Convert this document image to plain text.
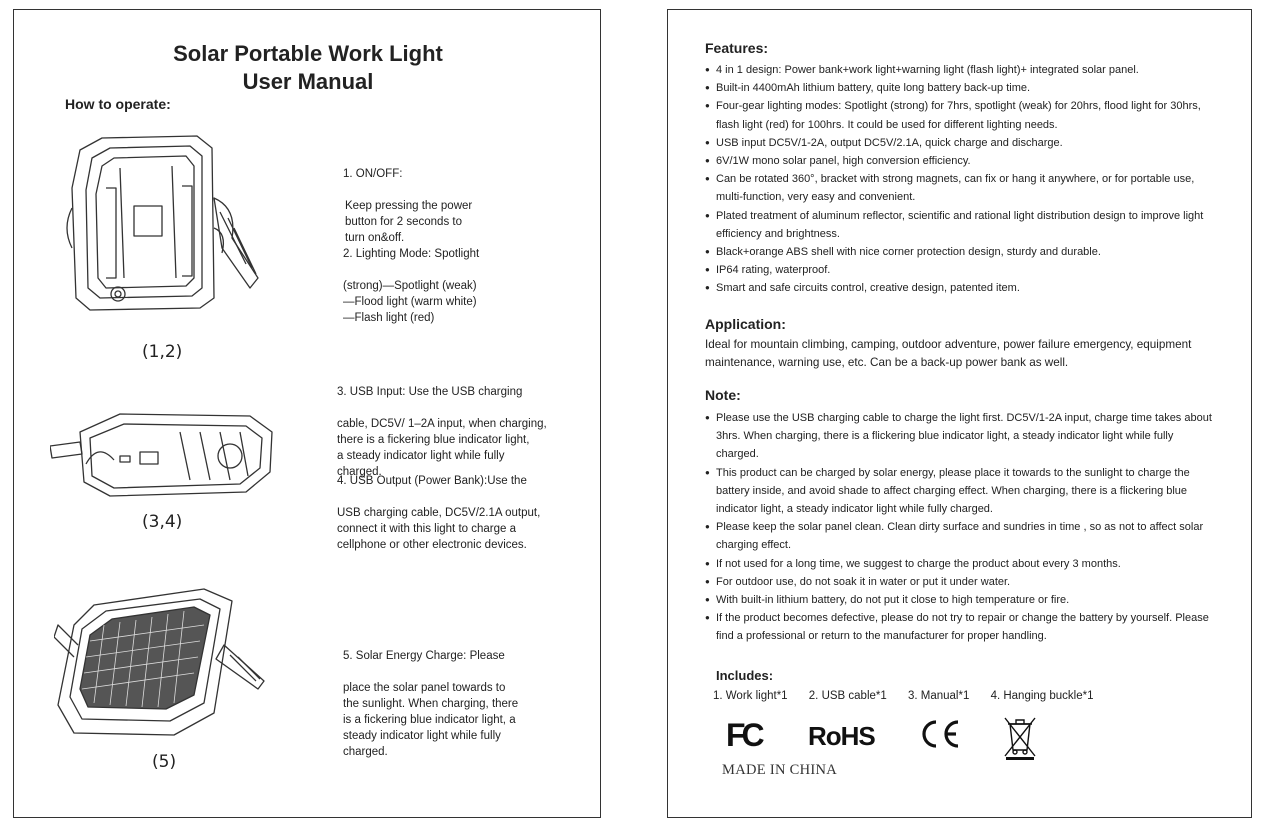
Solar Portable Work Light
User Manual
How to operate:
(1,2)
(3,4)
(5)

1. ON/OFF:

Keep pressing the power
button for 2 seconds to
turn on&off.

2. Lighting Mode: Spotlight

(strong)—Spotlight (weak)
—Flood light (warm white)
—Flash light (red)

3. USB Input: Use the USB charging

cable, DC5V/ 1–2A input, when charging,
there is a fickering blue indicator light,
a steady indicator light while fully
charged.

4. USB Output (Power Bank):Use the

USB charging cable, DC5V/2.1A output,
connect it with this light to charge a
cellphone or other electronic devices.

5. Solar Energy Charge: Please

place the solar panel towards to
the sunlight. When charging, there
is a fickering blue indicator light, a
steady indicator light while fully
charged.

Features:
● 4 in 1 design: Power bank+work light+warning light (flash light)+ integrated solar panel.
● Built-in 4400mAh lithium battery, quite long battery back-up time.
● Four-gear lighting modes: Spotlight (strong) for 7hrs, spotlight (weak) for 20hrs, flood light for 30hrs, flash light (red) for 100hrs. It could be used for different lighting needs.
● USB input DC5V/1-2A, output DC5V/2.1A, quick charge and discharge.
● 6V/1W mono solar panel, high conversion efficiency.
● Can be rotated 360°, bracket with strong magnets, can fix or hang it anywhere, or for portable use, multi-function, very easy and convenient.
● Plated treatment of aluminum reflector, scientific and rational light distribution design to improve light efficiency and brightness.
● Black+orange ABS shell with nice corner protection design, sturdy and durable.
● IP64 rating, waterproof.
● Smart and safe circuits control, creative design, patented item.
Application:
Ideal for mountain climbing, camping, outdoor adventure, power failure emergency, equipment maintenance, warning use, etc. Can be a back-up power bank as well.
Note:
● Please use the USB charging cable to charge the light first. DC5V/1-2A input, charge time takes about 3hrs. When charging, there is a flickering blue indicator light, a steady indicator light while fully charged.
● This product can be charged by solar energy, please place it towards to the sunlight to charge the battery inside, and avoid shade to affect charging effect. When charging, there is a flickering blue indicator light, a steady indicator light while fully charged.
● Please keep the solar panel clean. Clean dirty surface and sundries in time , so as not to affect solar charging effect.
● If not used for a long time, we suggest to charge the product about every 3 months.
● For outdoor use, do not soak it in water or put it under water.
● With built-in lithium battery, do not put it close to high temperature or fire.
● If the product becomes defective, please do not try to repair or change the battery by yourself. Please find a professional or return to the manufacturer for proper handling.
Includes:
1. Work light*1 2. USB cable*1 3. Manual*1 4. Hanging buckle*1
FC RoHS
MADE IN CHINA
